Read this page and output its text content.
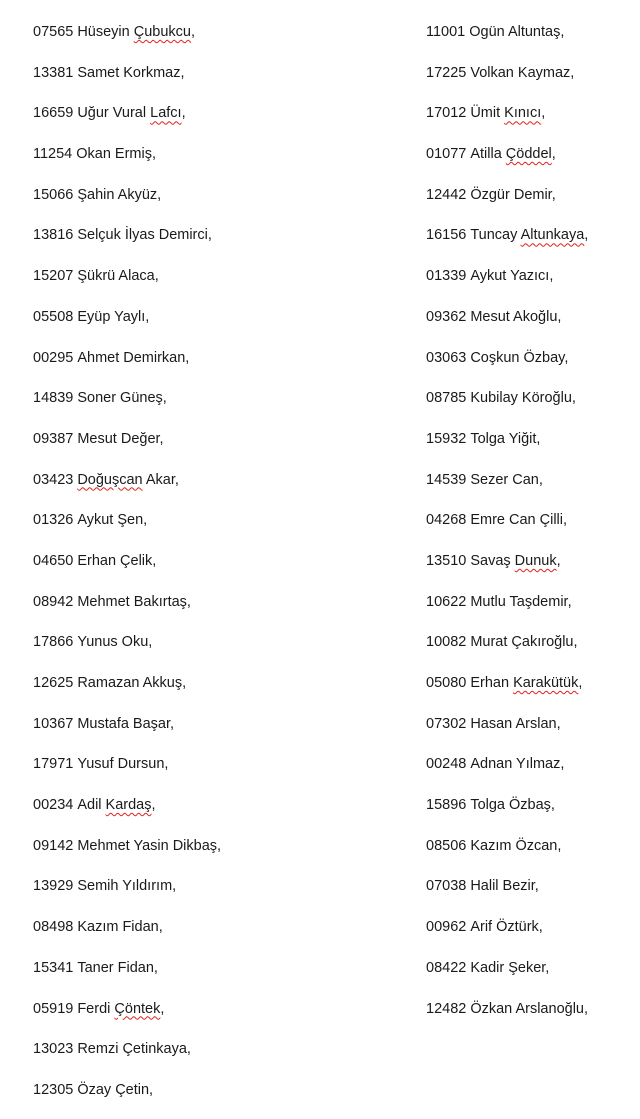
07565 Hüseyin Çubukcu,
13381 Samet Korkmaz,
16659 Uğur Vural Lafcı,
11254 Okan Ermiş,
15066 Şahin Akyüz,
13816 Selçuk İlyas Demirci,
15207 Şükrü Alaca,
05508 Eyüp Yaylı,
00295 Ahmet Demirkan,
14839 Soner Güneş,
09387 Mesut Değer,
03423 Doğuşcan Akar,
01326 Aykut Şen,
04650 Erhan Çelik,
08942 Mehmet Bakırtaş,
17866 Yunus Oku,
12625 Ramazan Akkuş,
10367 Mustafa Başar,
17971 Yusuf Dursun,
00234 Adil Kardaş,
09142 Mehmet Yasin Dikbaş,
13929 Semih Yıldırım,
08498 Kazım Fidan,
15341 Taner Fidan,
05919 Ferdi Çöntek,
13023 Remzi Çetinkaya,
12305 Özay Çetin,
11001 Ogün Altuntaş,
17225 Volkan Kaymaz,
17012 Ümit Kınıcı,
01077 Atilla Çöddel,
12442 Özgür Demir,
16156 Tuncay Altunkaya,
01339 Aykut Yazıcı,
09362 Mesut Akoğlu,
03063 Coşkun Özbay,
08785 Kubilay Köroğlu,
15932 Tolga Yiğit,
14539 Sezer Can,
04268 Emre Can Çilli,
13510 Savaş Dunuk,
10622 Mutlu Taşdemir,
10082 Murat Çakıroğlu,
05080 Erhan Karakütük,
07302 Hasan Arslan,
00248 Adnan Yılmaz,
15896 Tolga Özbaş,
08506 Kazım Özcan,
07038 Halil Bezir,
00962 Arif Öztürk,
08422 Kadir Şeker,
12482 Özkan Arslanoğlu,
